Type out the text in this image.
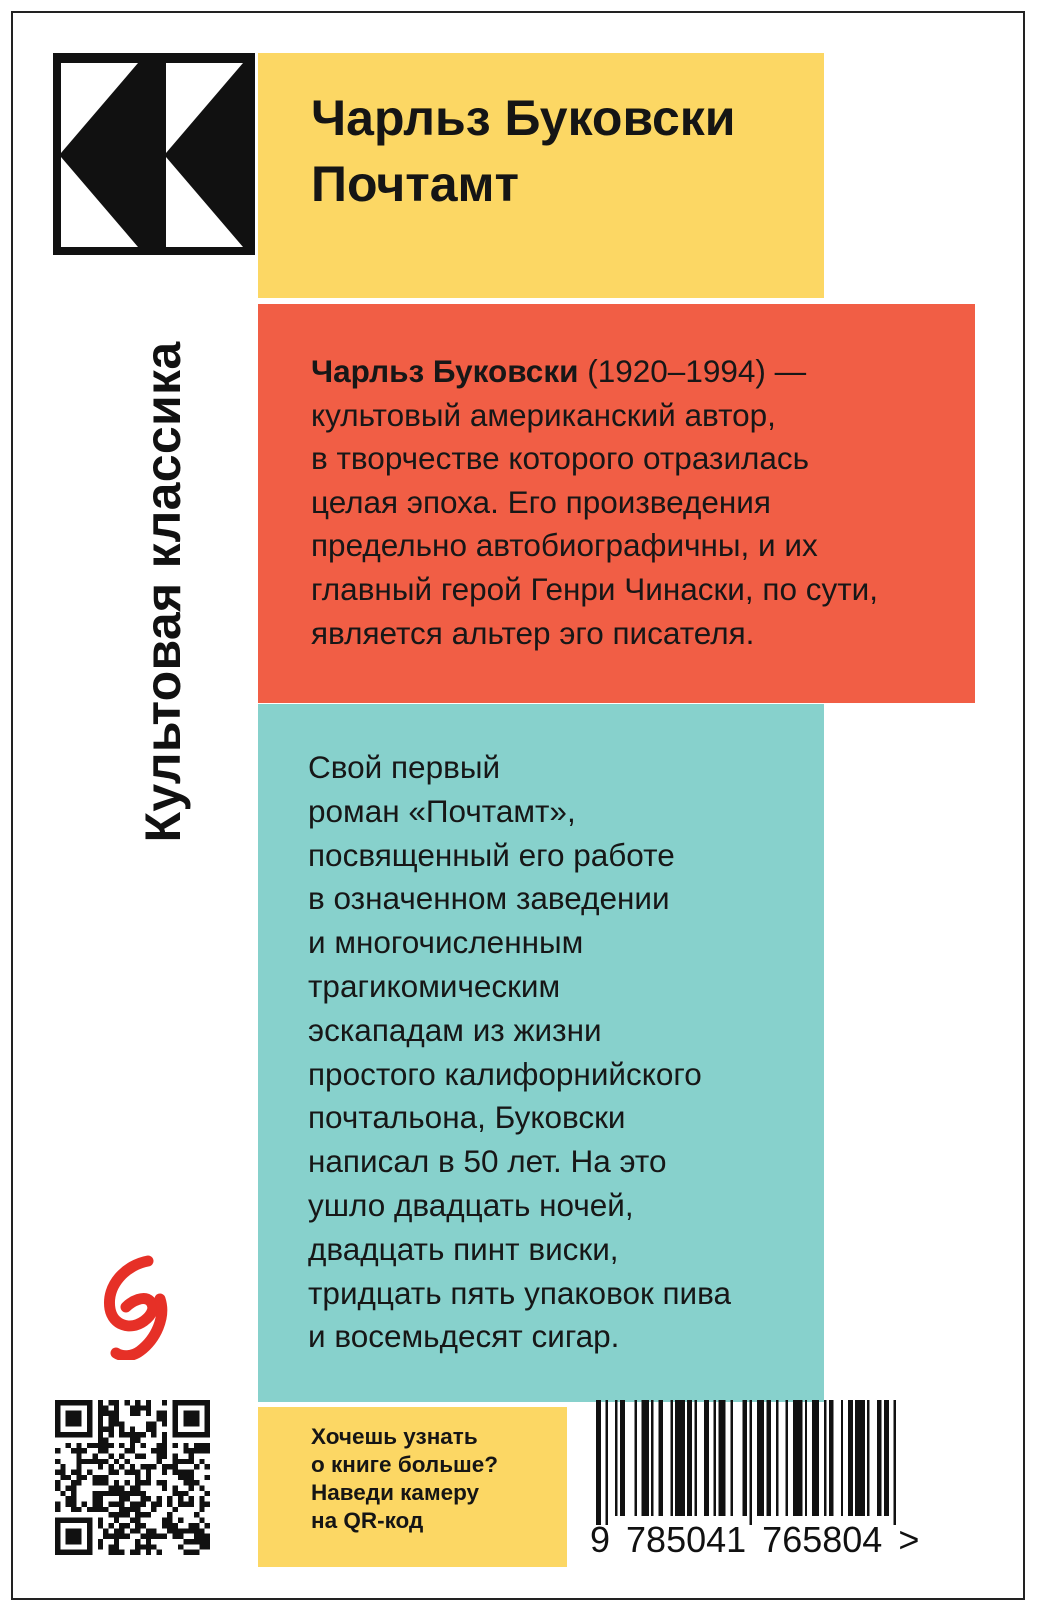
Культовая классика
Чарльз Буковски
Почтамт
Чарльз Буковски (1920–1994) —
культовый американский автор,
в творчестве которого отразилась
целая эпоха. Его произведения
предельно автобиографичны, и их
главный герой Генри Чинаски, по сути,
является альтер эго писателя.
Свой первый
роман «Почтамт»,
посвященный его работе
в означенном заведении
и многочисленным
трагикомическим
эскападам из жизни
простого калифорнийского
почтальона, Буковски
написал в 50 лет. На это
ушло двадцать ночей,
двадцать пинт виски,
тридцать пять упаковок пива
и восемьдесят сигар.
Хочешь узнать
о книге больше?
Наведи камеру
на QR-код	9 785041 765804 >
